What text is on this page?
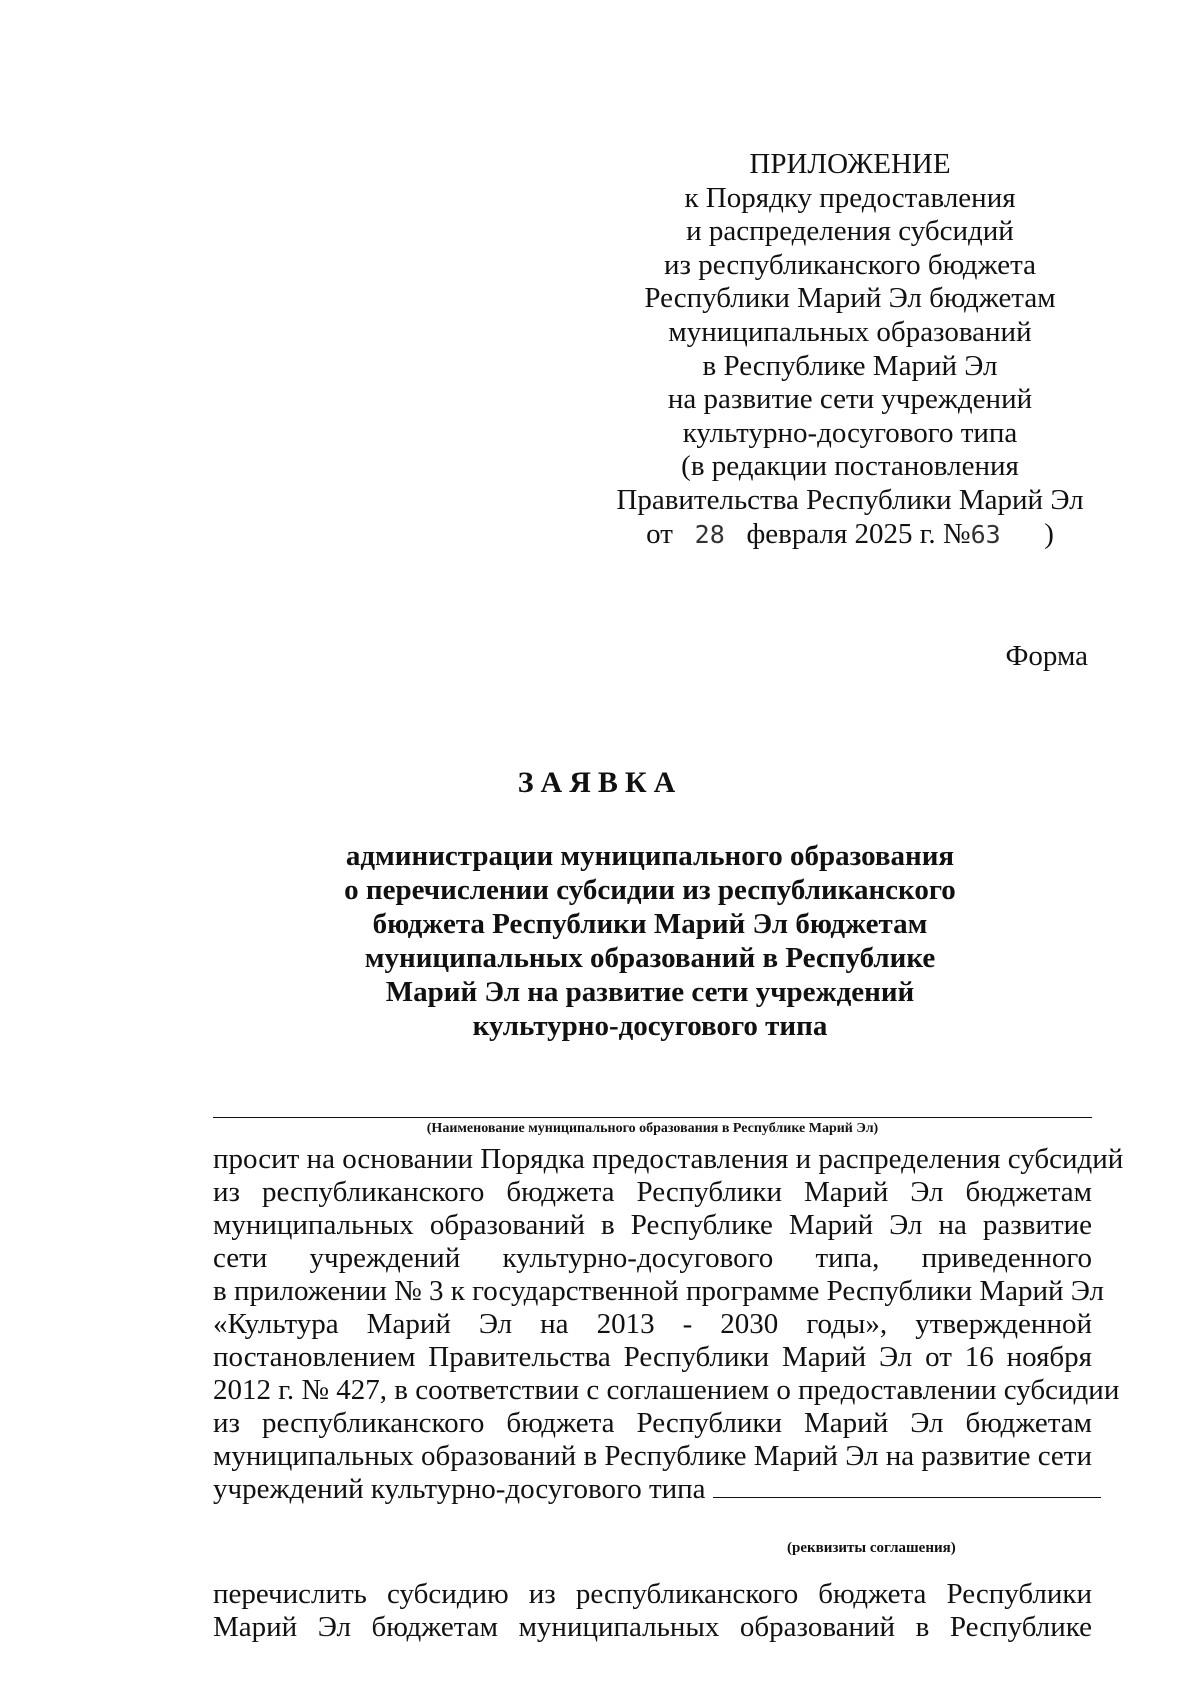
ПРИЛОЖЕНИЕ
к Порядку предоставления
и распределения субсидий
из республиканского бюджета
Республики Марий Эл бюджетам
муниципальных образований
в Республике Марий Эл
на развитие сети учреждений
культурно-досугового типа
(в редакции постановления
Правительства Республики Марий Эл
от 28 февраля 2025 г. №63 )
Форма
ЗАЯВКА
администрации муниципального образования
о перечислении субсидии из республиканского
бюджета Республики Марий Эл бюджетам
муниципальных образований в Республике
Марий Эл на развитие сети учреждений
культурно-досугового типа
(Наименование муниципального образования в Республике Марий Эл)
просит на основании Порядка предоставления и распределения субсидий
из республиканского бюджета Республики Марий Эл бюджетам
муниципальных образований в Республике Марий Эл на развитие
сети учреждений культурно-досугового типа, приведенного
в приложении № 3 к государственной программе Республики Марий Эл
«Культура Марий Эл на 2013 - 2030 годы», утвержденной
постановлением Правительства Республики Марий Эл от 16 ноября
2012 г. № 427, в соответствии с соглашением о предоставлении субсидии
из республиканского бюджета Республики Марий Эл бюджетам
муниципальных образований в Республике Марий Эл на развитие сети
учреждений культурно-досугового типа
(реквизиты соглашения)
перечислить субсидию из республиканского бюджета Республики
Марий Эл бюджетам муниципальных образований в Республике
